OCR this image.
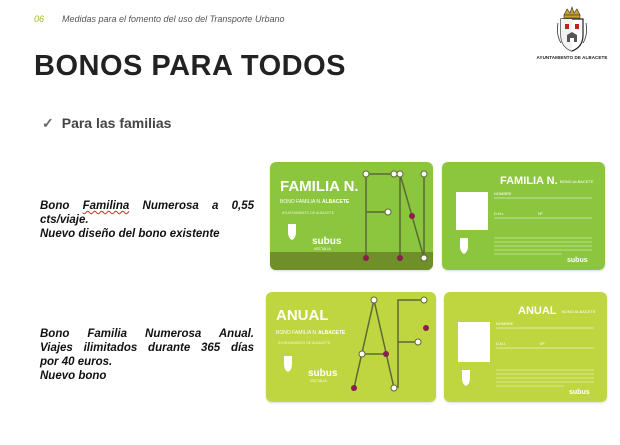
06 Medidas para el fomento del uso del Transporte Urbano
AYUNTAMIENTO DE ALBACETE
BONOS PARA TODOS
✓ Para las familias

Bono Familina Numerosa a 0,55

cts/viaje.

Nuevo diseño del bono existente

Bono Familia Numerosa Anual.

Viajes ilimitados durante 365 días

por 40 euros.

Nuevo bono

FAMILIA N.
BONO FAMILIA N. ALBACETE
AYUNTAMIENTO DE ALBACETE
subus
VECTALIA
FAMILIA N. BONO ALBACETE
NOMBRE
D.N.I.	Nº
subus
ANUAL
BONO FAMILIA N. ALBACETE
AYUNTAMIENTO DE ALBACETE
subus
VECTALIA
ANUAL BONO ALBACETE
NOMBRE
D.N.I.	Nº
subus
